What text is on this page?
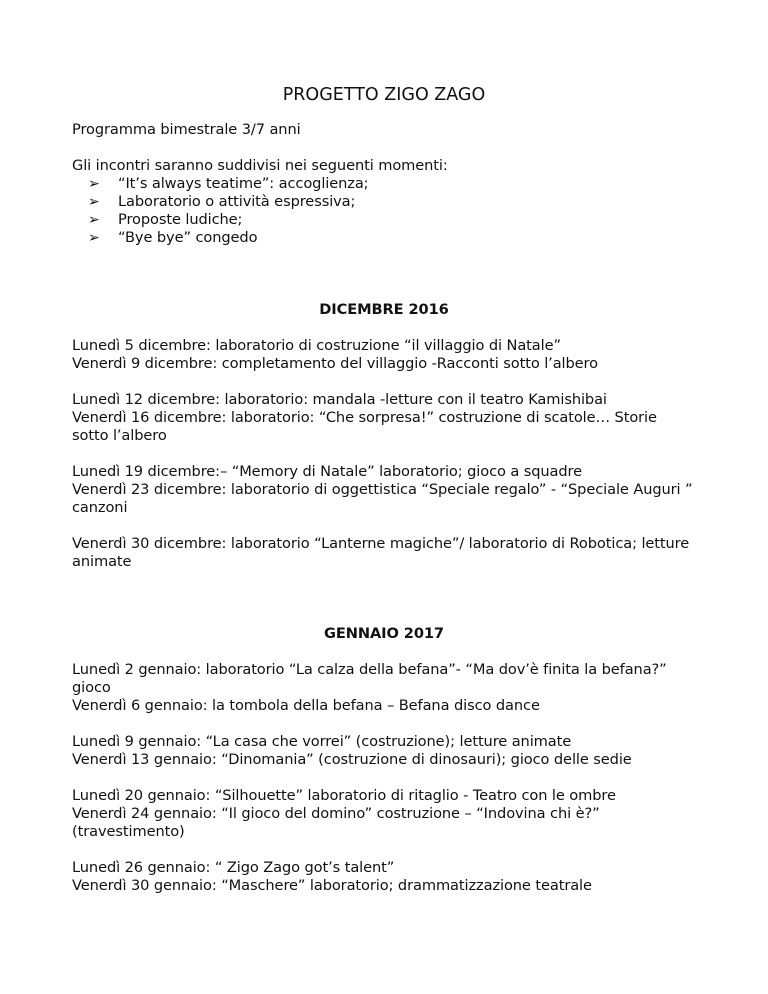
PROGETTO ZIGO ZAGO

Programma bimestrale 3/7 anni

Gli incontri saranno suddivisi nei seguenti momenti:

➢ “It’s always teatime”: accoglienza;
➢ Laboratorio o attività espressiva;
➢ Proposte ludiche;
➢ “Bye bye” congedo

DICEMBRE 2016

Lunedì 5 dicembre: laboratorio di costruzione “il villaggio di Natale”

Venerdì 9 dicembre: completamento del villaggio -Racconti sotto l’albero

Lunedì 12 dicembre: laboratorio: mandala -letture con il teatro Kamishibai

Venerdì 16 dicembre: laboratorio: “Che sorpresa!” costruzione di scatole… Storie sotto l’albero

Lunedì 19 dicembre:– “Memory di Natale” laboratorio; gioco a squadre

Venerdì 23 dicembre: laboratorio di oggettistica “Speciale regalo” - “Speciale Auguri ” canzoni

Venerdì 30 dicembre: laboratorio “Lanterne magiche”/ laboratorio di Robotica; letture animate

GENNAIO 2017

Lunedì 2 gennaio: laboratorio “La calza della befana”- “Ma dov’è finita la befana?” gioco

Venerdì 6 gennaio: la tombola della befana – Befana disco dance

Lunedì 9 gennaio: “La casa che vorrei” (costruzione); letture animate

Venerdì 13 gennaio: “Dinomania” (costruzione di dinosauri); gioco delle sedie

Lunedì 20 gennaio: “Silhouette” laboratorio di ritaglio - Teatro con le ombre

Venerdì 24 gennaio: “Il gioco del domino” costruzione – “Indovina chi è?” (travestimento)

Lunedì 26 gennaio: “ Zigo Zago got’s talent”

Venerdì 30 gennaio: “Maschere” laboratorio; drammatizzazione teatrale
